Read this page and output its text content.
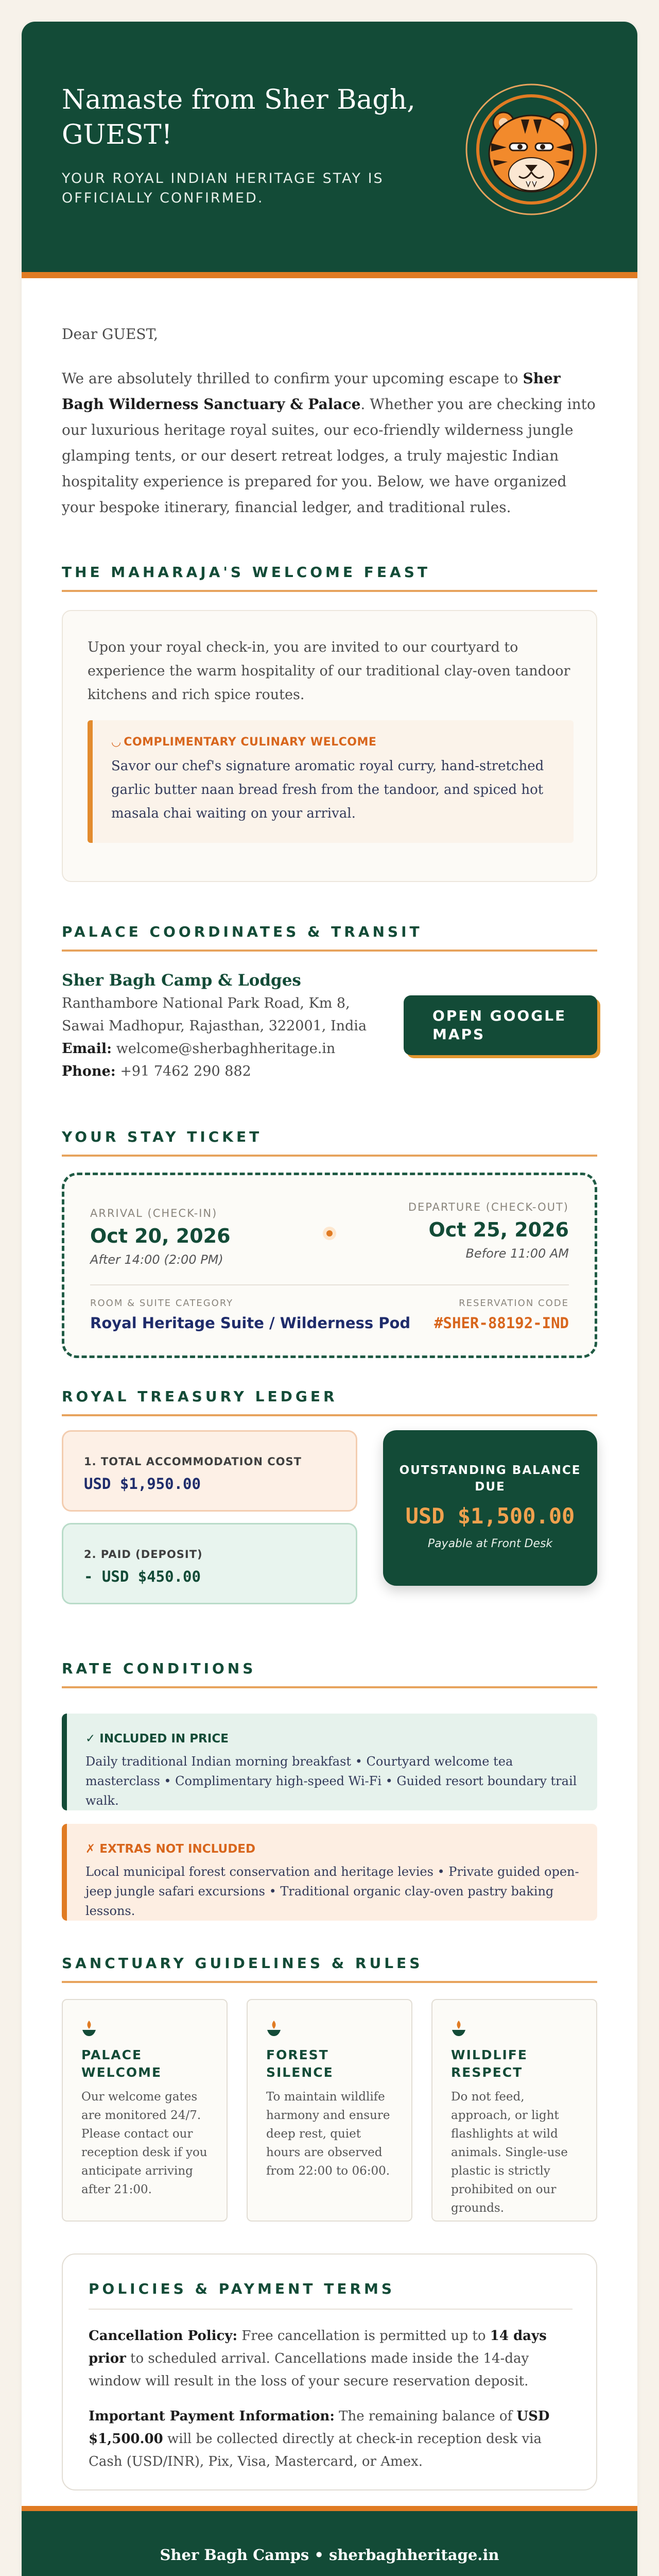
Namaste from Sher Bagh, GUEST!

YOUR ROYAL INDIAN HERITAGE STAY IS OFFICIALLY CONFIRMED.

Dear GUEST,

We are absolutely thrilled to confirm your upcoming escape to Sher Bagh Wilderness Sanctuary & Palace. Whether you are checking into our luxurious heritage royal suites, our eco-friendly wilderness jungle glamping tents, or our desert retreat lodges, a truly majestic Indian hospitality experience is prepared for you. Below, we have organized your bespoke itinerary, financial ledger, and traditional rules.

THE MAHARAJA'S WELCOME FEAST

Upon your royal check-in, you are invited to our courtyard to experience the warm hospitality of our traditional clay-oven tandoor kitchens and rich spice routes.

◡ COMPLIMENTARY CULINARY WELCOME

Savor our chef's signature aromatic royal curry, hand-stretched garlic butter naan bread fresh from the tandoor, and spiced hot masala chai waiting on your arrival.

PALACE COORDINATES & TRANSIT
Sher Bagh Camp & Lodges
Ranthambore National Park Road, Km 8,
Sawai Madhopur, Rajasthan, 322001, India
Email: welcome@sherbaghheritage.in
Phone: +91 7462 290 882
OPEN GOOGLE MAPS
YOUR STAY TICKET
ARRIVAL (CHECK-IN)
Oct 20, 2026
After 14:00 (2:00 PM)
DEPARTURE (CHECK-OUT)
Oct 25, 2026
Before 11:00 AM
ROOM & SUITE CATEGORY
Royal Heritage Suite / Wilderness Pod
RESERVATION CODE
#SHER-88192-IND
ROYAL TREASURY LEDGER
1. TOTAL ACCOMMODATION COST
USD $1,950.00
2. PAID (DEPOSIT)
- USD $450.00
OUTSTANDING BALANCE DUE
USD $1,500.00
Payable at Front Desk
RATE CONDITIONS
✓ INCLUDED IN PRICE
Daily traditional Indian morning breakfast • Courtyard welcome tea masterclass • Complimentary high-speed Wi-Fi • Guided resort boundary trail walk.
✗ EXTRAS NOT INCLUDED
Local municipal forest conservation and heritage levies • Private guided open-jeep jungle safari excursions • Traditional organic clay-oven pastry baking lessons.
SANCTUARY GUIDELINES & RULES
PALACE WELCOME
Our welcome gates are monitored 24/7. Please contact our reception desk if you anticipate arriving after 21:00.
FOREST SILENCE
To maintain wildlife harmony and ensure deep rest, quiet hours are observed from 22:00 to 06:00.
WILDLIFE RESPECT
Do not feed, approach, or light flashlights at wild animals. Single-use plastic is strictly prohibited on our grounds.
POLICIES & PAYMENT TERMS

Cancellation Policy: Free cancellation is permitted up to 14 days prior to scheduled arrival. Cancellations made inside the 14-day window will result in the loss of your secure reservation deposit.

Important Payment Information: The remaining balance of USD $1,500.00 will be collected directly at check-in reception desk via Cash (USD/INR), Pix, Visa, Mastercard, or Amex.

Sher Bagh Camps • sherbaghheritage.in
